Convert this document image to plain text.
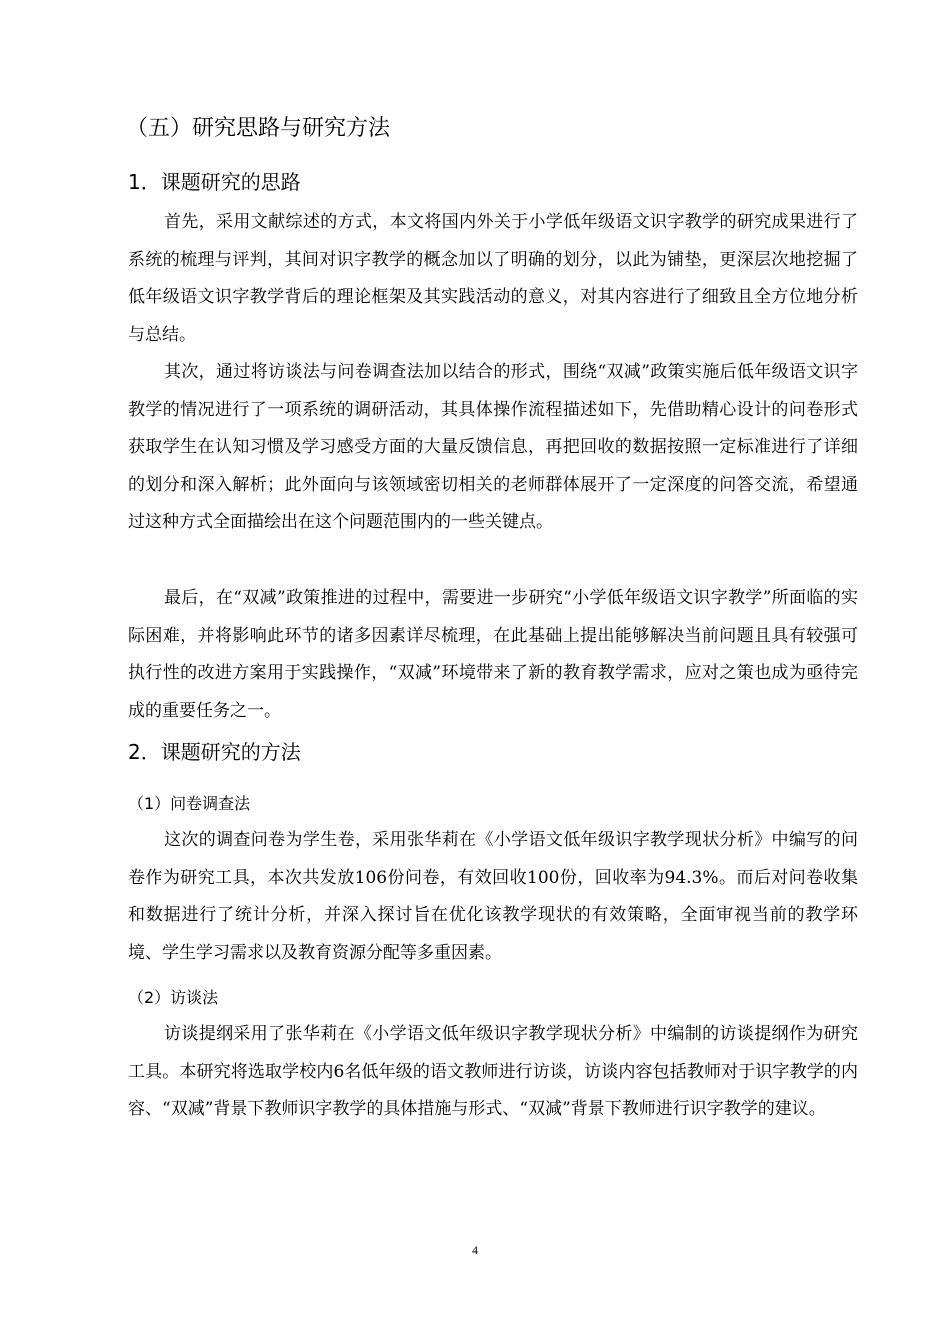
（五）研究思路与研究方法
1．课题研究的思路

首先，采用文献综述的方式，本文将国内外关于小学低年级语文识字教学的研究成果进行了系统的梳理与评判，其间对识字教学的概念加以了明确的划分，以此为铺垫，更深层次地挖掘了低年级语文识字教学背后的理论框架及其实践活动的意义，对其内容进行了细致且全方位地分析与总结。

其次，通过将访谈法与问卷调查法加以结合的形式，围绕“双减”政策实施后低年级语文识字教学的情况进行了一项系统的调研活动，其具体操作流程描述如下，先借助精心设计的问卷形式获取学生在认知习惯及学习感受方面的大量反馈信息，再把回收的数据按照一定标准进行了详细的划分和深入解析；此外面向与该领域密切相关的老师群体展开了一定深度的问答交流，希望通过这种方式全面描绘出在这个问题范围内的一些关键点。

最后，在“双减”政策推进的过程中，需要进一步研究“小学低年级语文识字教学”所面临的实际困难，并将影响此环节的诸多因素详尽梳理，在此基础上提出能够解决当前问题且具有较强可执行性的改进方案用于实践操作，“双减”环境带来了新的教育教学需求，应对之策也成为亟待完成的重要任务之一。

2．课题研究的方法
（1）问卷调查法

这次的调查问卷为学生卷，采用张华莉在《小学语文低年级识字教学现状分析》中编写的问卷作为研究工具，本次共发放106份问卷，有效回收100份，回收率为94.3%。而后对问卷收集和数据进行了统计分析，并深入探讨旨在优化该教学现状的有效策略，全面审视当前的教学环境、学生学习需求以及教育资源分配等多重因素。

（2）访谈法

访谈提纲采用了张华莉在《小学语文低年级识字教学现状分析》中编制的访谈提纲作为研究工具。本研究将选取学校内6名低年级的语文教师进行访谈，访谈内容包括教师对于识字教学的内容、“双减”背景下教师识字教学的具体措施与形式、“双减”背景下教师进行识字教学的建议。

4
